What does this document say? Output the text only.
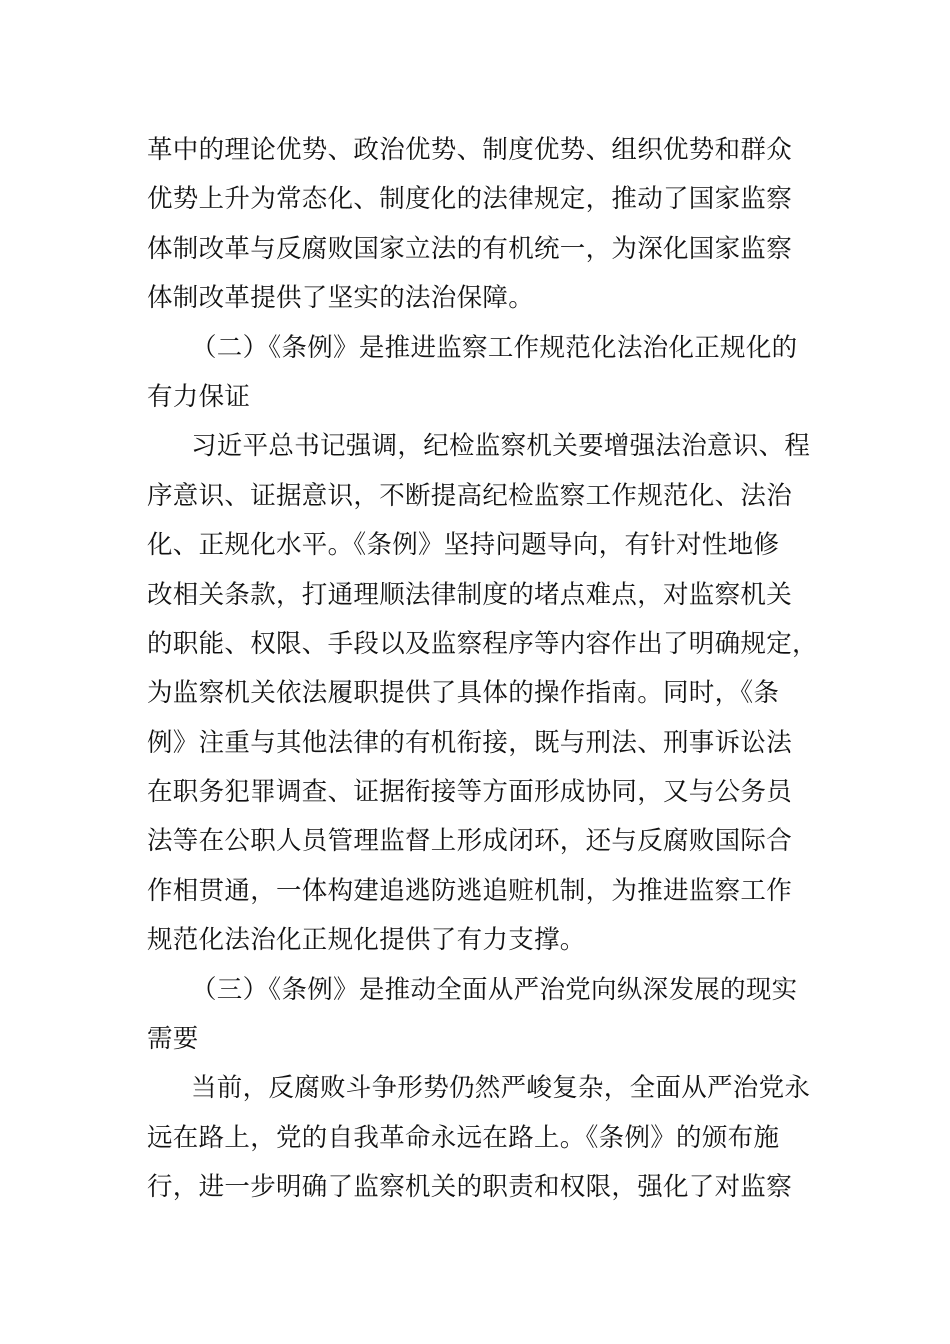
革中的理论优势、政治优势、制度优势、组织优势和群众
优势上升为常态化、制度化的法律规定，推动了国家监察
体制改革与反腐败国家立法的有机统一，为深化国家监察
体制改革提供了坚实的法治保障。
（二）《条例》是推进监察工作规范化法治化正规化的
有力保证
习近平总书记强调，纪检监察机关要增强法治意识、程
序意识、证据意识，不断提高纪检监察工作规范化、法治
化、正规化水平。《条例》坚持问题导向，有针对性地修
改相关条款，打通理顺法律制度的堵点难点，对监察机关
的职能、权限、手段以及监察程序等内容作出了明确规定，
为监察机关依法履职提供了具体的操作指南。同时，《条
例》注重与其他法律的有机衔接，既与刑法、刑事诉讼法
在职务犯罪调查、证据衔接等方面形成协同，又与公务员
法等在公职人员管理监督上形成闭环，还与反腐败国际合
作相贯通，一体构建追逃防逃追赃机制，为推进监察工作
规范化法治化正规化提供了有力支撑。
（三）《条例》是推动全面从严治党向纵深发展的现实
需要
当前，反腐败斗争形势仍然严峻复杂，全面从严治党永
远在路上，党的自我革命永远在路上。《条例》的颁布施
行，进一步明确了监察机关的职责和权限，强化了对监察
